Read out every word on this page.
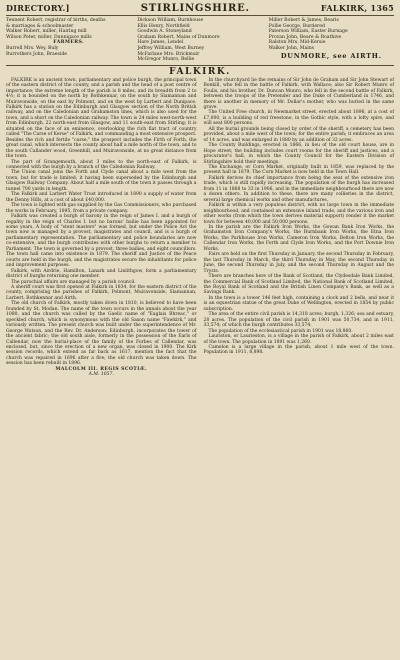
DIRECTORY.]	STIRLINGSHIRE.	FALKIRK, 1365

Tennent Robert, registrar of births, deaths

& marriages & schoolmaster

Walker Robert, miller, Hairing mill

Wilson Peter, miller, Dunnigace mills

FARMERS.

Burrell Mrs. Wey, Buly

Burrothers John, Braeside

Dickson William, Burnhouse

Ellis Henry, Northfield

Goodwin A. Stoneyland

Graham Robert, Mains of Dunmore

Hare James, Lendel

Jeffrey William, West Burney

McFarlane Mrs. Brickmuir

McGregor Munro, Bellie

Miller Robert & James, Bearis

Pollie George, Burdered

Paterson William, Easter Burnage

Provan John, Beare & Boathive

Ralston Mrs. Mid-Kersie

Walker John, Mains

DUNMORE, see AIRTH.

FALKIRK.

FALKIRK is an ancient town, parliamentary and police burgh, the principal town of the eastern district of the county, and a parish and the head of a post centre of importance; the extreme length of the parish is 8 miles, and its breadth from 2 to 4½; it is bounded on the north by Bothkennar, on the south by Slamannan and Muiravonside, on the east by Polmont, and on the west by Larbert and Dunipace. Falkirk has a station on the Edinburgh and Glasgow section of the North British railway, and on the Caledonian and Grahamston lines, which is also used for the town, and a short on the Caledonian railway. The town is 24 miles west-north-west from Edinburgh, 22 north-east from Glasgow, and 11 south-east from Stirling; it is situated on the face of an eminence, overlooking the rich flat tract of country called "The Carse of Kerse" of Falkirk, and commanding a most extensive prospect. Besides the rich and fertile "carse," the prospect includes the Firth of Forth, the great canal, which intersects the county about half a mile north of the town, and to the south Callander wood, Greenhill, and Muiravonside, at no great distance from the town.

The part of Grangemouth, about 3 miles to the north-east of Falkirk, is connected with the burgh by a branch of the Caledonian Railway.

The Union canal joins the Forth and Clyde canal about a mile west from the town, but for trade is limited; it having been superseded by the Edinburgh and Glasgow Railway Company. About half a mile south of the town it passes through a tunnel 700 yards in length.

The Falkirk and Larbert Water Trust introduced in 1890 a supply of water from the Denny Hills, at a cost of about £40,000.

The town is lighted with gas supplied by the Gas Commissioners, who purchased the works in February, 1895, from a private company.

Falkirk was created a burgh of barony in the reign of James I. and a burgh of regality in the reign of Charles I. but no barons' bailie has been appointed for some years. A body of "stent masters" was formed, but under the Police Act the town now is managed by a provost, magistrates and council, and is a burgh of parliamentary representation. The parliamentary and police boundaries are now co-extensive, and the burgh contributes with other burghs to return a member to Parliament. The town is governed by a provost, three bailies, and eight councillors. The town hall came into existence in 1879. The sheriff and Justice of the Peace courts are held in the burgh, and the magistrates secure the inhabitants for police and improvement purposes.

Falkirk, with Airdrie, Hamilton, Lanark and Linlithgow, form a parliamentary district of burghs returning one member.

The parochial affairs are managed by a parish council.

A sheriff court was first opened at Falkirk in 1834, for the eastern district of the county, comprising the parishes of Falkirk, Polmont, Muiravonside, Slamannan, Larbert, Bothkennar and Airth.

The old church of Falkirk, mostly taken down in 1810, is believed to have been founded by St. Modan. The name of the town occurs in the annals about the year 1080, and the church was called by the Gaelic name of "Eaglais Bhreac," or speckled church, which is synonymous with the old Saxon name "Fawkirk," and variously written. The present church was built under the superintendence of Mr. George Watson, and the Rev. Dr. Anderson; Edinburgh, incorporates the tower of the ancient fabric; the old south aisle, formerly in the possession of the Earls of Callendar, now the burial-place of the family of the Forbes of Callendar, was enclosed, but, since the erection of a new organ, was closed in 1900. The Kirk session records, which extend as far back as 1617, mention the fact that the church was repaired in 1696 after a fire; the old church was taken down. The session has been rebuilt in 1896.

MALCOLM III. REGIS SCOTIÆ.

A.M. 1057.

In the churchyard lie the remains of Sir John de Graham and Sir John Stewart of Bonkill, who fell in the battle of Falkirk, with Wallace; also Sir Robert Munro of Foulis, and his brother, Dr. Duncan Munro, who fell in the second battle of Falkirk, between the troops of the Pretender and the Duke of Cumberland in 1746, and there is another in memory of Mr. Dollar's mother, who was buried in the same grave.

The United Free church, in Newmarket street, erected about 1896, at a cost of £7,000, is a building of red freestone, in the Gothic style, with a lofty spire, and will seat 800 persons.

All the burial grounds being closed by order of the sheriff, a cemetery has been provided, about a mile west of the town; for the entire parish; it embraces an area of 14 acres, and was enlarged in 1880 by an addition of 32 acres.

The County Buildings, erected in 1866, in lieu of the old court house, are in Hope street; the building includes court rooms for the sheriff and justices, and a procurator's hall, in which the County Council for the Eastern Division of Stirlingshire hold their meetings.

The Exchange, or Corn Market, originally built in 1859, was replaced by the present hall in 1879. The Corn Market is now held in the Town Hall.

Falkirk derives its chief importance from being the seat of the extensive iron trade, which is still rapidly increasing. The population of the burgh has increased from 11 in 1868 to 33 in 1906, and in the immediate neighbourhood there are now a dozen others. In addition to these, there are many collieries in the district, several large chemical works and other manufactures.

Falkirk is within a very populous district, with no large town in the immediate neighbourhood, and contained an extensive inland trade, and the various iron and other works (from which the town derives material support) render it the market town for between 40,000 and 50,000 persons.

In the parish are the Falkirk Iron Works, the Gowan Bank Iron Works, the Grahamston Iron Company's Works, the Burnbank Iron Works, the Etna Iron Works, the Parkhouse Iron Works, Cameron Iron Works, Belton Iron Works, the Callendar Iron Works, the Forth and Clyde Iron Works, and the Port Downie Iron Works.

Fairs are held on the first Thursday in January, the second Thursday in February, the last Thursday in March, the third Thursday in May, the second Thursday in June, the second Thursday in July, and the second Thursday in August and the Trysts.

There are branches here of the Bank of Scotland, the Clydesdale Bank Limited, the Commercial Bank of Scotland Limited, the National Bank of Scotland Limited, the Royal Bank of Scotland and the British Linen Company's Bank, as well as a Savings Bank.

In the town is a tower 146 feet high, containing a clock and 2 bells, and near it is an equestrian statue of the great Duke of Wellington, erected in 1854 by public subscription.

The area of the entire civil parish is 14,318 acres; burgh, 1,326; sea and estuary, 28 acres. The population of the civil parish in 1901 was 50,734, and in 1911, 33,574; of which the burgh contributes 33,574.

The population of the ecclesiastical parish in 1901 was 18,860.

Lauriston, or Laurieston, is a village in the parish of Falkirk, about 2 miles east of the town. The population in 1891 was 1,260.

Camelon is a large village in the parish, about 1 mile west of the town. Population in 1911, 8,898.
